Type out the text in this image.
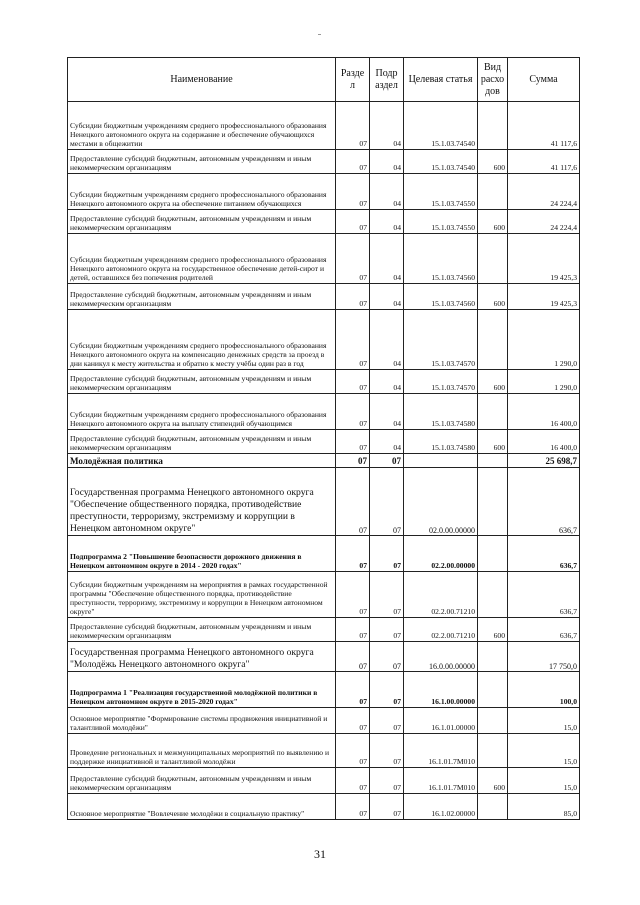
Наименование	Разде л	Подр аздел	Целевая статья	Вид расхо дов	Сумма
Субсидии бюджетным учреждениям среднего профессионального образования Ненецкого автономного округа на содержание и обеспечение обучающихся местами в общежитии	07	04	15.1.03.74540		41 117,6
Предоставление субсидий бюджетным, автономным учреждениям и иным некоммерческим организациям	07	04	15.1.03.74540	600	41 117,6
Субсидии бюджетным учреждениям среднего профессионального образования Ненецкого автономного округа на обеспечение питанием обучающихся	07	04	15.1.03.74550		24 224,4
Предоставление субсидий бюджетным, автономным учреждениям и иным некоммерческим организациям	07	04	15.1.03.74550	600	24 224,4
Субсидии бюджетным учреждениям среднего профессионального образования Ненецкого автономного округа на государственное обеспечение детей-сирот и детей, оставшихся без попечения родителей	07	04	15.1.03.74560		19 425,3
Предоставление субсидий бюджетным, автономным учреждениям и иным некоммерческим организациям	07	04	15.1.03.74560	600	19 425,3
Субсидии бюджетным учреждениям среднего профессионального образования Ненецкого автономного округа на компенсацию денежных средств за проезд в дни каникул к месту жительства и обратно к месту учёбы один раз в год	07	04	15.1.03.74570		1 290,0
Предоставление субсидий бюджетным, автономным учреждениям и иным некоммерческим организациям	07	04	15.1.03.74570	600	1 290,0
Субсидии бюджетным учреждениям среднего профессионального образования Ненецкого автономного округа на выплату стипендий обучающимся	07	04	15.1.03.74580		16 400,0
Предоставление субсидий бюджетным, автономным учреждениям и иным некоммерческим организациям	07	04	15.1.03.74580	600	16 400,0
Молодёжная политика	07	07			25 698,7
Государственная программа Ненецкого автономного округа "Обеспечение общественного порядка, противодействие преступности, терроризму, экстремизму и коррупции в Ненецком автономном округе"	07	07	02.0.00.00000		636,7
Подпрограмма 2 "Повышение безопасности дорожного движения в Ненецком автономном округе в 2014 - 2020 годах"	07	07	02.2.00.00000		636,7
Субсидии бюджетным учреждениям на мероприятия в рамках государственной программы "Обеспечение общественного порядка, противодействие преступности, терроризму, экстремизму и коррупции в Ненецком автономном округе"	07	07	02.2.00.71210		636,7
Предоставление субсидий бюджетным, автономным учреждениям и иным некоммерческим организациям	07	07	02.2.00.71210	600	636,7
Государственная программа Ненецкого автономного округа "Молодёжь Ненецкого автономного округа"	07	07	16.0.00.00000		17 750,0
Подпрограмма 1 "Реализация государственной молодёжной политики в Ненецком автономном округе в 2015-2020 годах"	07	07	16.1.00.00000		100,0
Основное мероприятие "Формирование системы продвижения инициативной и талантливой молодёжи"	07	07	16.1.01.00000		15,0
Проведение региональных и межмуниципальных мероприятий по выявлению и поддержке инициативной и талантливой молодёжи	07	07	16.1.01.7M010		15,0
Предоставление субсидий бюджетным, автономным учреждениям и иным некоммерческим организациям	07	07	16.1.01.7M010	600	15,0
Основное мероприятие "Вовлечение молодёжи в социальную практику"	07	07	16.1.02.00000		85,0
31
